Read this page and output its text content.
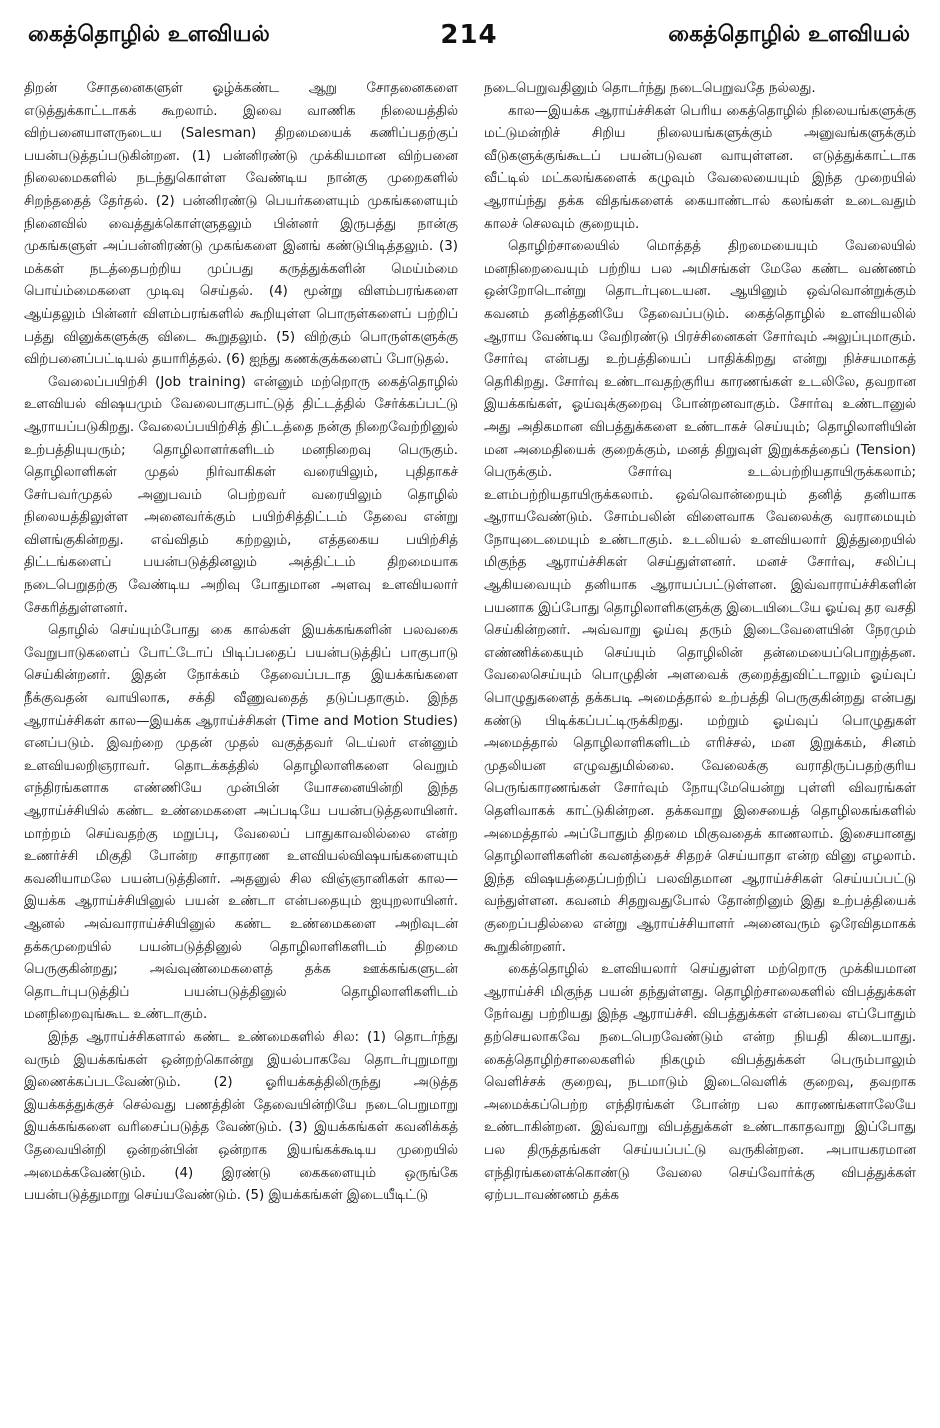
கைத்தொழில் உளவியல்	214	கைத்தொழில் உளவியல்

திறன் சோதனைகளுள் ஓழ்க்கண்ட ஆறு சோதனைகளை எடுத்துக்காட்டாகக் கூறலாம். இவை வாணிக நிலையத்தில் விற்பனையாளருடைய (Salesman) திறமையைக் கணிப்பதற்குப் பயன்படுத்தப்படுகின்றன. (1) பன்னிரண்டு முக்கியமான விற்பனை நிலைமைகளில் நடந்துகொள்ள வேண்டிய நான்கு முறைகளில் சிறந்ததைத் தேர்தல். (2) பன்னிரண்டு பெயர்களையும் முகங்களையும் நினைவில் வைத்துக்கொள்ளுதலும் பின்னர் இருபத்து நான்கு முகங்களுள் அப்பன்னிரண்டு முகங்களை இனங் கண்டுபிடித்தலும். (3) மக்கள் நடத்தைபற்றிய முப்பது கருத்துக்களின் மெய்ம்மை பொய்ம்மைகளை முடிவு செய்தல். (4) மூன்று விளம்பரங்களை ஆய்தலும் பின்னர் விளம்பரங்களில் கூறியுள்ள பொருள்களைப் பற்றிப் பத்து வினுக்களுக்கு விடை கூறுதலும். (5) விற்கும் பொருள்களுக்கு விற்பனைப்பட்டியல் தயாரித்தல். (6) ஐந்து கணக்குக்களைப் போடுதல்.

வேலைப்பயிற்சி (Job training) என்னும் மற்றொரு கைத்தொழில் உளவியல் விஷயமும் வேலைபாகுபாட்டுத் திட்டத்தில் சேர்க்கப்பட்டு ஆராயப்படுகிறது. வேலைப்பயிற்சித் திட்டத்தை நன்கு நிறைவேற்றினுல் உற்பத்தியுயரும்; தொழிலாளர்களிடம் மனநிறைவு பெருகும். தொழிலாளிகள் முதல் நிர்வாகிகள் வரையிலும், புதிதாகச் சேர்பவர்முதல் அனுபவம் பெற்றவர் வரையிலும் தொழில் நிலையத்திலுள்ள அனைவர்க்கும் பயிற்சித்திட்டம் தேவை என்று விளங்குகின்றது. எவ்விதம் கற்றலும், எத்தகைய பயிற்சித் திட்டங்களைப் பயன்படுத்தினலும் அத்திட்டம் திறமையாக நடைபெறுதற்கு வேண்டிய அறிவு போதுமான அளவு உளவியலார் சேகரித்துள்ளனர்.

தொழில் செய்யும்போது கை கால்கள் இயக்கங்களின் பலவகை வேறுபாடுகளைப் போட்டோப் பிடிப்பதைப் பயன்படுத்திப் பாகுபாடு செய்கின்றனர். இதன் நோக்கம் தேவைப்படாத இயக்கங்களை நீக்குவதன் வாயிலாக, சக்தி வீணுவதைத் தடுப்பதாகும். இந்த ஆராய்ச்சிகள் கால—இயக்க ஆராய்ச்சிகள் (Time and Motion Studies) எனப்படும். இவற்றை முதன் முதல் வகுத்தவர் டெய்லர் என்னும் உளவியலறிஞராவர். தொடக்கத்தில் தொழிலாளிகளை வெறும் எந்திரங்களாக எண்ணியே முன்பின் யோசனையின்றி இந்த ஆராய்ச்சியில் கண்ட உண்மைகளை அப்படியே பயன்படுத்தலாயினர். மாற்றம் செய்வதற்கு மறுப்பு, வேலைப் பாதுகாவலில்லை என்ற உணர்ச்சி மிகுதி போன்ற சாதாரண உளவியல்விஷயங்களையும் கவனியாமலே பயன்படுத்தினர். அதனுல் சில விஞ்ஞானிகள் கால—இயக்க ஆராய்ச்சியினுல் பயன் உண்டா என்பதையும் ஐயுறலாயினர். ஆனல் அவ்வாராய்ச்சியினுல் கண்ட உண்மைகளை அறிவுடன் தக்கமுறையில் பயன்படுத்தினுல் தொழிலாளிகளிடம் திறமை பெருகுகின்றது; அவ்வுண்மைகளைத் தக்க ஊக்கங்களுடன் தொடர்புபடுத்திப் பயன்படுத்தினுல் தொழிலாளிகளிடம் மனநிறைவுங்கூட உண்டாகும்.

இந்த ஆராய்ச்சிகளால் கண்ட உண்மைகளில் சில: (1) தொடர்ந்து வரும் இயக்கங்கள் ஒன்றற்கொன்று இயல்பாகவே தொடர்புறுமாறு இணைக்கப்படவேண்டும். (2) ஓரியக்கத்திலிருந்து அடுத்த இயக்கத்துக்குச் செல்வது பணத்தின் தேவையின்றியே நடைபெறுமாறு இயக்கங்களை வரிசைப்படுத்த வேண்டும். (3) இயக்கங்கள் கவனிக்கத் தேவையின்றி ஒன்றன்பின் ஒன்றாக இயங்கக்கூடிய முறையில் அமைக்கவேண்டும். (4) இரண்டு கைகளையும் ஒருங்கே பயன்படுத்துமாறு செய்யவேண்டும். (5) இயக்கங்கள் இடையீடிட்டு

நடைபெறுவதினும் தொடர்ந்து நடைபெறுவதே நல்லது.

கால—இயக்க ஆராய்ச்சிகள் பெரிய கைத்தொழில் நிலையங்களுக்கு மட்டுமன்றிச் சிறிய நிலையங்களுக்கும் அனுவங்களுக்கும் வீடுகளுக்குங்கூடப் பயன்படுவன வாயுள்ளன. எடுத்துக்காட்டாக வீட்டில் மட்கலங்களைக் கழுவும் வேலையையும் இந்த முறையில் ஆராய்ந்து தக்க விதங்களைக் கையாண்டால் கலங்கள் உடைவதும் காலச் செலவும் குறையும்.

தொழிற்சாலையில் மொத்தத் திறமையையும் வேலையில் மனநிறைவையும் பற்றிய பல அமிசங்கள் மேலே கண்ட வண்ணம் ஒன்றோடொன்று தொடர்புடையன. ஆயினும் ஒவ்வொன்றுக்கும் கவனம் தனித்தனியே தேவைப்படும். கைத்தொழில் உளவியலில் ஆராய வேண்டிய வேறிரண்டு பிரச்சினைகள் சோர்வும் அலுப்புமாகும். சோர்வு என்பது உற்பத்தியைப் பாதிக்கிறது என்று நிச்சயமாகத் தெரிகிறது. சோர்வு உண்டாவதற்குரிய காரணங்கள் உடலிலே, தவறான இயக்கங்கள், ஓய்வுக்குறைவு போன்றனவாகும். சோர்வு உண்டானுல் அது அதிகமான விபத்துக்களை உண்டாகச் செய்யும்; தொழிலாளியின் மன அமைதியைக் குறைக்கும், மனத் திறுவுள் இறுக்கத்தைப் (Tension) பெருக்கும். சோர்வு உடல்பற்றியதாயிருக்கலாம்; உளம்பற்றியதாயிருக்கலாம். ஒவ்வொன்றையும் தனித் தனியாக ஆராயவேண்டும். சோம்பலின் விளைவாக வேலைக்கு வராமையும் நோயுடைமையும் உண்டாகும். உடலியல் உளவியலார் இத்துறையில் மிகுந்த ஆராய்ச்சிகள் செய்துள்ளனர். மனச் சோர்வு, சலிப்பு ஆகியவையும் தனியாக ஆராயப்பட்டுள்ளன. இவ்வாராய்ச்சிகளின் பயனாக இப்போது தொழிலாளிகளுக்கு இடையிடையே ஓய்வு தர வசதி செய்கின்றனர். அவ்வாறு ஓய்வு தரும் இடைவேளையின் நேரமும் எண்ணிக்கையும் செய்யும் தொழிலின் தன்மையைப்பொறுத்தன. வேலைசெய்யும் பொழுதின் அளவைக் குறைத்துவிட்டாலும் ஓய்வுப் பொழுதுகளைத் தக்கபடி அமைத்தால் உற்பத்தி பெருகுகின்றது என்பது கண்டு பிடிக்கப்பட்டிருக்கிறது. மற்றும் ஓய்வுப் பொழுதுகள் அமைத்தால் தொழிலாளிகளிடம் எரிச்சல், மன இறுக்கம், சினம் முதலியன எழுவதுமில்லை. வேலைக்கு வராதிருப்பதற்குரிய பெருங்காரணங்கள் சோர்வும் நோயுமேயென்று புள்ளி விவரங்கள் தெளிவாகக் காட்டுகின்றன. தக்கவாறு இசையைத் தொழிலகங்களில் அமைத்தால் அப்போதும் திறமை மிகுவதைக் காணலாம். இசையானது தொழிலாளிகளின் கவனத்தைச் சிதறச் செய்யாதா என்ற வினு எழலாம். இந்த விஷயத்தைப்பற்றிப் பலவிதமான ஆராய்ச்சிகள் செய்யப்பட்டு வந்துள்ளன. கவனம் சிதறுவதுபோல் தோன்றினும் இது உற்பத்தியைக் குறைப்பதில்லை என்று ஆராய்ச்சியாளர் அனைவரும் ஒரேவிதமாகக் கூறுகின்றனர்.

கைத்தொழில் உளவியலார் செய்துள்ள மற்றொரு முக்கியமான ஆராய்ச்சி மிகுந்த பயன் தந்துள்ளது. தொழிற்சாலைகளில் விபத்துக்கள் நேர்வது பற்றியது இந்த ஆராய்ச்சி. விபத்துக்கள் என்பவை எப்போதும் தற்செயலாகவே நடைபெறவேண்டும் என்ற நியதி கிடையாது. கைத்தொழிற்சாலைகளில் நிகழும் விபத்துக்கள் பெரும்பாலும் வெளிச்சக் குறைவு, நடமாடும் இடைவெளிக் குறைவு, தவறாக அமைக்கப்பெற்ற எந்திரங்கள் போன்ற பல காரணங்களாலேயே உண்டாகின்றன. இவ்வாறு விபத்துக்கள் உண்டாகாதவாறு இப்போது பல திருத்தங்கள் செய்யப்பட்டு வருகின்றன. அபாயகரமான எந்திரங்களைக்கொண்டு வேலை செய்வோர்க்கு விபத்துக்கள் ஏற்படாவண்ணம் தக்க
